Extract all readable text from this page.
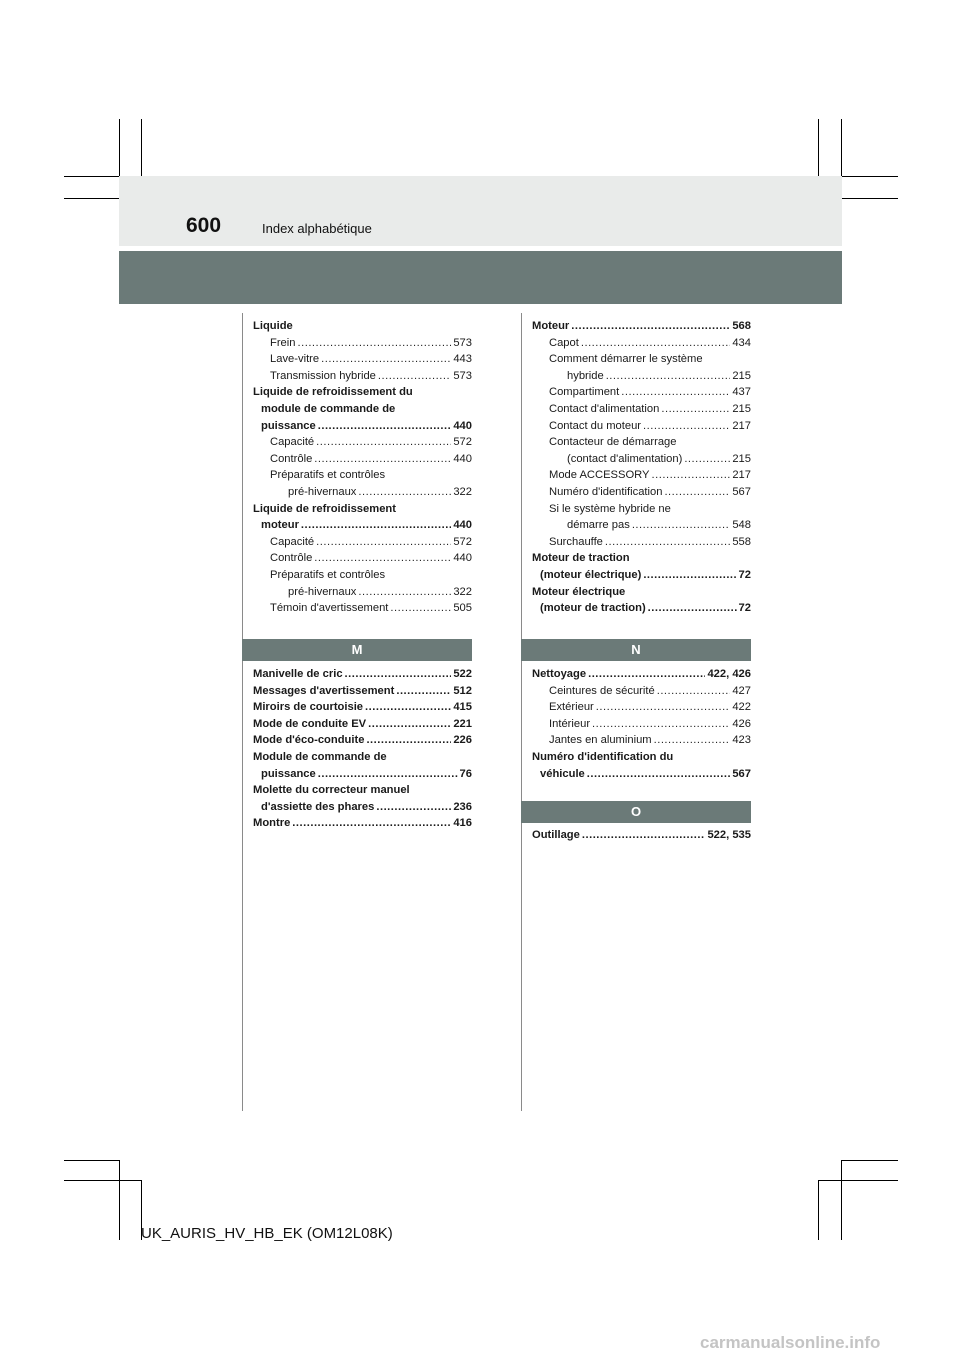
600	Index alphabétique
Liquide
Frein .....	573
Lave-vitre .....	443
Transmission hybride .....	573
Liquide de refroidissement du
module de commande de
puissance .....	440
Capacité .....	572
Contrôle .....	440
Préparatifs et contrôles
pré-hivernaux .....	322
Liquide de refroidissement
moteur .....	440
Capacité .....	572
Contrôle .....	440
Préparatifs et contrôles
pré-hivernaux .....	322
Témoin d'avertissement .....	505
M
Manivelle de cric .....	522
Messages d'avertissement .....	512
Miroirs de courtoisie .....	415
Mode de conduite EV .....	221
Mode d'éco-conduite .....	226
Module de commande de
puissance .....	76
Molette du correcteur manuel
d'assiette des phares .....	236
Montre .....	416
Moteur .....	568
Capot .....	434
Comment démarrer le système
hybride .....	215
Compartiment .....	437
Contact d'alimentation .....	215
Contact du moteur .....	217
Contacteur de démarrage
(contact d'alimentation) .....	215
Mode ACCESSORY .....	217
Numéro d'identification .....	567
Si le système hybride ne
démarre pas .....	548
Surchauffe .....	558
Moteur de traction
(moteur électrique) .....	72
Moteur électrique
(moteur de traction) .....	72
N
Nettoyage .....	422, 426
Ceintures de sécurité .....	427
Extérieur .....	422
Intérieur .....	426
Jantes en aluminium .....	423
Numéro d'identification du
véhicule .....	567
O
Outillage .....	522, 535
UK_AURIS_HV_HB_EK (OM12L08K)
carmanualsonline.info
